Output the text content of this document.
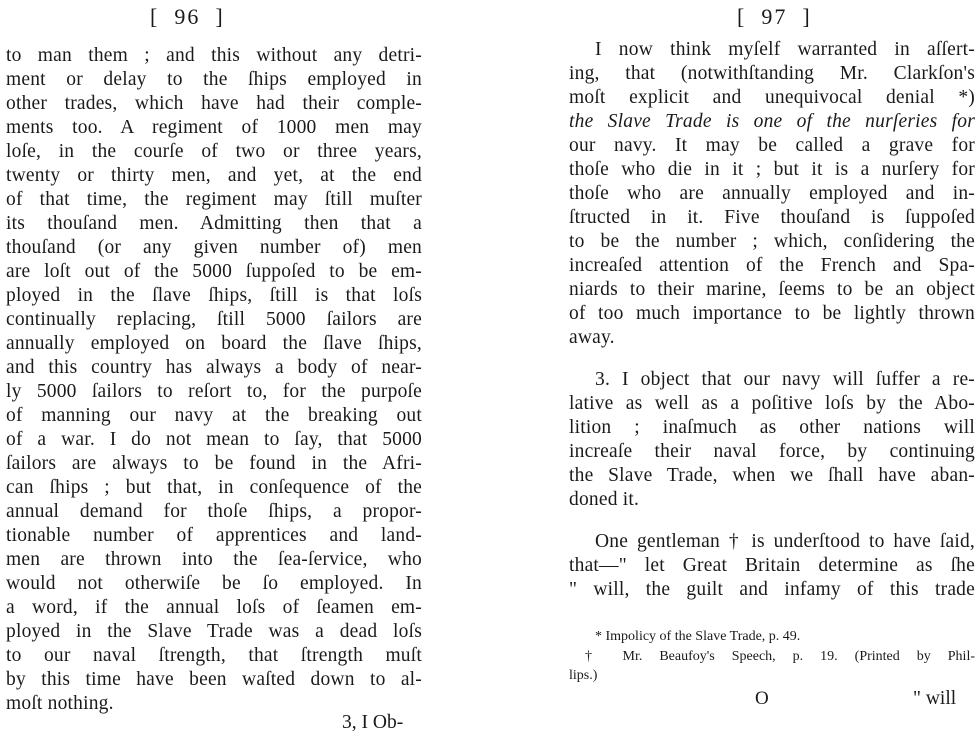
[  96  ]
to man them ; and this without any detri-
ment or delay to the ſhips employed in
other trades, which have had their comple-
ments too. A regiment of 1000 men may
loſe, in the courſe of two or three years,
twenty or thirty men, and yet, at the end
of that time, the regiment may ſtill muſter
its thouſand men. Admitting then that a
thouſand (or any given number of) men
are loſt out of the 5000 ſuppoſed to be em-
ployed in the ſlave ſhips, ſtill is that loſs
continually replacing, ſtill 5000 ſailors are
annually employed on board the ſlave ſhips,
and this country has always a body of near-
ly 5000 ſailors to reſort to, for the purpoſe
of manning our navy at the breaking out
of a war. I do not mean to ſay, that 5000
ſailors are always to be found in the Afri-
can ſhips ; but that, in conſequence of the
annual demand for thoſe ſhips, a propor-
tionable number of apprentices and land-
men are thrown into the ſea-ſervice, who
would not otherwiſe be ſo employed. In
a word, if the annual loſs of ſeamen em-
ployed in the Slave Trade was a dead loſs
to our naval ſtrength, that ſtrength muſt
by this time have been waſted down to al-
moſt nothing.
3, I Ob-
[  97  ]
I now think myſelf warranted in aſſert-
ing, that (notwithſtanding Mr. Clarkſon's
moſt explicit and unequivocal denial *)
the Slave Trade is one of the nurſeries for
our navy. It may be called a grave for
thoſe who die in it ; but it is a nurſery for
thoſe who are annually employed and in-
ſtructed in it. Five thouſand is ſuppoſed
to be the number ; which, conſidering the
increaſed attention of the French and Spa-
niards to their marine, ſeems to be an object
of too much importance to be lightly thrown
away.
3. I object that our navy will ſuffer a re-
lative as well as a poſitive loſs by the Abo-
lition ; inaſmuch as other nations will
increaſe their naval force, by continuing
the Slave Trade, when we ſhall have aban-
doned it.
One gentleman † is underſtood to have ſaid,
that—" let Great Britain determine as ſhe
" will, the guilt and infamy of this trade
* Impolicy of the Slave Trade, p. 49.
† Mr. Beaufoy's Speech, p. 19. (Printed by Phil-
lips.)
O	" will
